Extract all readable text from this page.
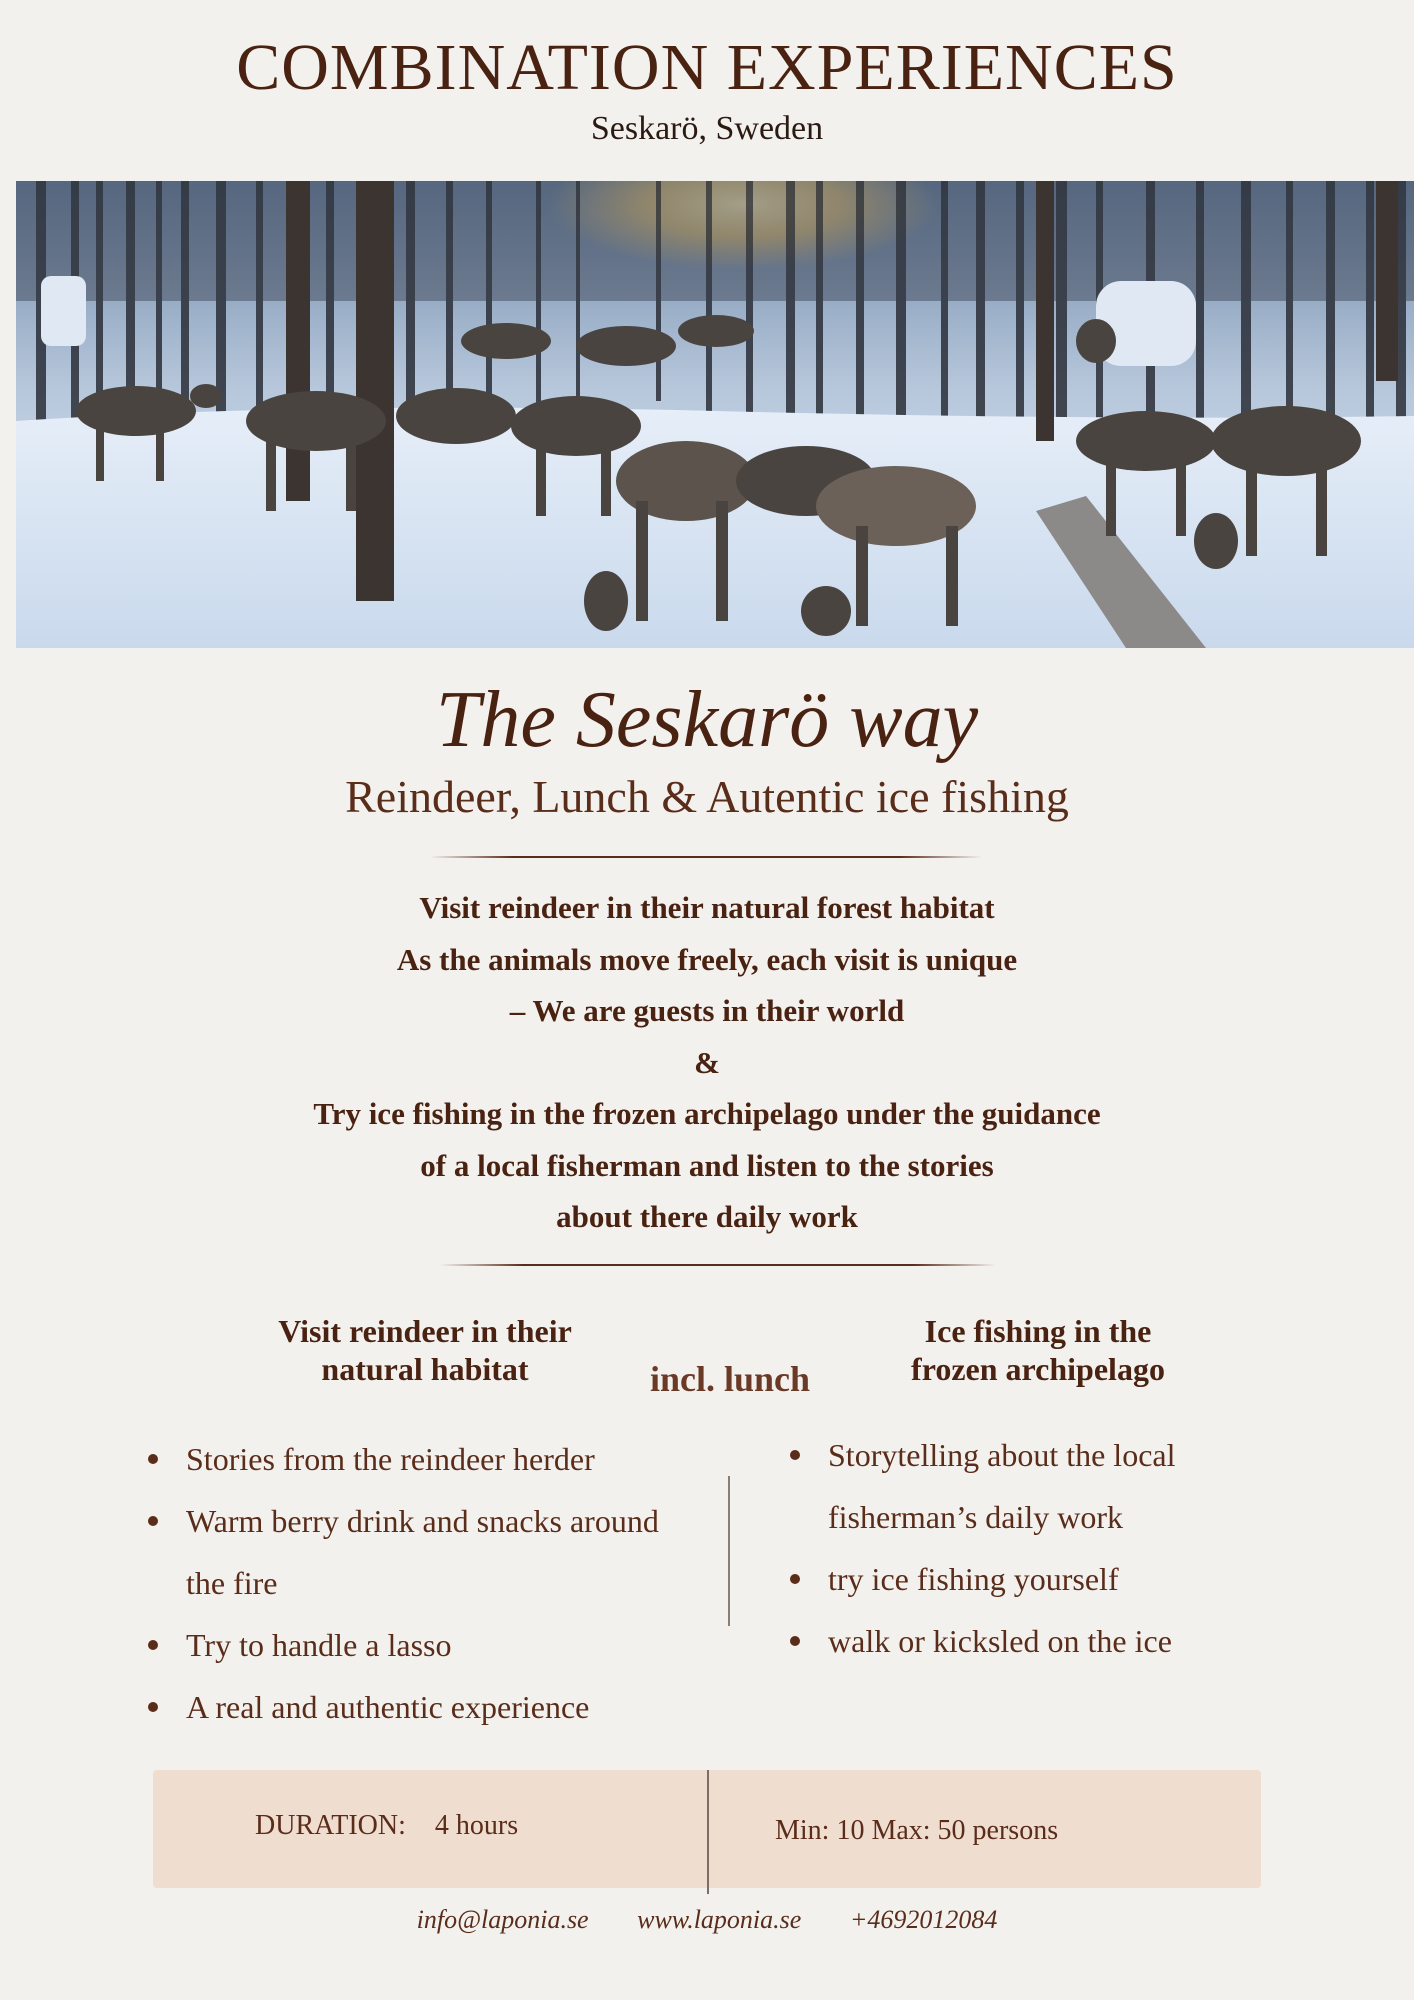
COMBINATION EXPERIENCES
Seskarö, Sweden
The Seskarö way
Reindeer, Lunch & Autentic ice fishing
Visit reindeer in their natural forest habitat
As the animals move freely, each visit is unique
– We are guests in their world
&
Try ice fishing in the frozen archipelago under the guidance
of a local fisherman and listen to the stories
about there daily work
Visit reindeer in their
natural habitat	incl. lunch
Ice fishing in the
frozen archipelago
Stories from the reindeer herder
Warm berry drink and snacks around
the fire
Try to handle a lasso
A real and authentic experience
Storytelling about the local
fisherman’s daily work
try ice fishing yourself
walk or kicksled on the ice
DURATION: 4 hours	Min: 10 Max: 50 persons
info@laponia.se www.laponia.se +4692012084
